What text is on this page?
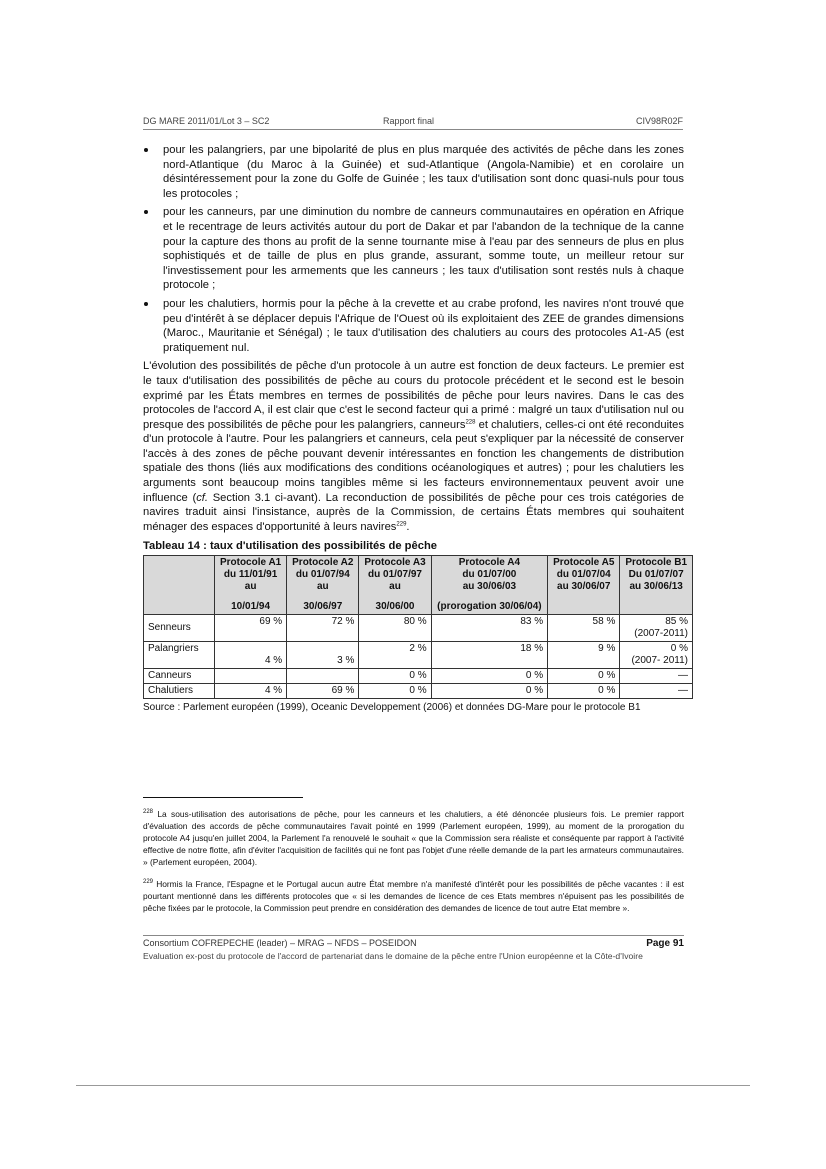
DG MARE 2011/01/Lot 3 – SC2	Rapport final	CIV98R02F
pour les palangriers, par une bipolarité de plus en plus marquée des activités de pêche dans les zones nord-Atlantique (du Maroc à la Guinée) et sud-Atlantique (Angola-Namibie) et en corolaire un désintéressement pour la zone du Golfe de Guinée ; les taux d'utilisation sont donc quasi-nuls pour tous les protocoles ;
pour les canneurs, par une diminution du nombre de canneurs communautaires en opération en Afrique et le recentrage de leurs activités autour du port de Dakar et par l'abandon de la technique de la canne pour la capture des thons au profit de la senne tournante mise à l'eau par des senneurs de plus en plus sophistiqués et de taille de plus en plus grande, assurant, somme toute, un meilleur retour sur l'investissement pour les armements que les canneurs ; les taux d'utilisation sont restés nuls à chaque protocole ;
pour les chalutiers, hormis pour la pêche à la crevette et au crabe profond, les navires n'ont trouvé que peu d'intérêt à se déplacer depuis l'Afrique de l'Ouest où ils exploitaient des ZEE de grandes dimensions (Maroc., Mauritanie et Sénégal) ; le taux d'utilisation des chalutiers au cours des protocoles A1-A5 (est pratiquement nul.

L'évolution des possibilités de pêche d'un protocole à un autre est fonction de deux facteurs. Le premier est le taux d'utilisation des possibilités de pêche au cours du protocole précédent et le second est le besoin exprimé par les États membres en termes de possibilités de pêche pour leurs navires. Dans le cas des protocoles de l'accord A, il est clair que c'est le second facteur qui a primé : malgré un taux d'utilisation nul ou presque des possibilités de pêche pour les palangriers, canneurs$^{228}$ et chalutiers, celles-ci ont été reconduites d'un protocole à l'autre. Pour les palangriers et canneurs, cela peut s'expliquer par la nécessité de conserver l'accès à des zones de pêche pouvant devenir intéressantes en fonction les changements de distribution spatiale des thons (liés aux modifications des conditions océanologiques et autres) ; pour les chalutiers les arguments sont beaucoup moins tangibles même si les facteurs environnementaux peuvent avoir une influence (cf. Section 3.1 ci-avant). La reconduction de possibilités de pêche pour ces trois catégories de navires traduit ainsi l'insistance, auprès de la Commission, de certains États membres qui souhaitent ménager des espaces d'opportunité à leurs navires$^{229}$.

Tableau 14 : taux d'utilisation des possibilités de pêche

	Protocole A1
du 11/01/91
au
10/01/94	Protocole A2
du 01/07/94
au
30/06/97	Protocole A3
du 01/07/97
au
30/06/00	Protocole A4
du 01/07/00
au 30/06/03
(prorogation 30/06/04)	Protocole A5
du 01/07/04
au 30/06/07	Protocole B1
Du 01/07/07
au 30/06/13

Senneurs	69 %	72 %	80 %	83 %	58 %	85 %
(2007-2011)

Palangriers	4 %	3 %	2 %	18 %	9 %	0 %
(2007- 2011)

Canneurs			0 %	0 %	0 %	—
Chalutiers	4 %	69 %	0 %	0 %	0 %	—
Source : Parlement européen (1999), Oceanic Developpement (2006) et données DG-Mare pour le protocole B1
$^{228}$ La sous-utilisation des autorisations de pêche, pour les canneurs et les chalutiers, a été dénoncée plusieurs fois. Le premier rapport d'évaluation des accords de pêche communautaires l'avait pointé en 1999 (Parlement européen, 1999), au moment de la prorogation du protocole A4 jusqu'en juillet 2004, la Parlement l'a renouvelé le souhait « que la Commission sera réaliste et conséquente par rapport à l'activité effective de notre flotte, afin d'éviter l'acquisition de facilités qui ne font pas l'objet d'une réelle demande de la part les armateurs communautaires. » (Parlement européen, 2004).
$^{229}$ Hormis la France, l'Espagne et le Portugal aucun autre État membre n'a manifesté d'intérêt pour les possibilités de pêche vacantes : il est pourtant mentionné dans les différents protocoles que « si les demandes de licence de ces Etats membres n'épuisent pas les possibilités de pêche fixées par le protocole, la Commission peut prendre en considération des demandes de licence de tout autre Etat membre ».
Consortium COFREPECHE (leader) – MRAG – NFDS – POSEIDON	Page 91
Evaluation ex-post du protocole de l'accord de partenariat dans le domaine de la pêche entre l'Union européenne et la Côte-d'Ivoire
